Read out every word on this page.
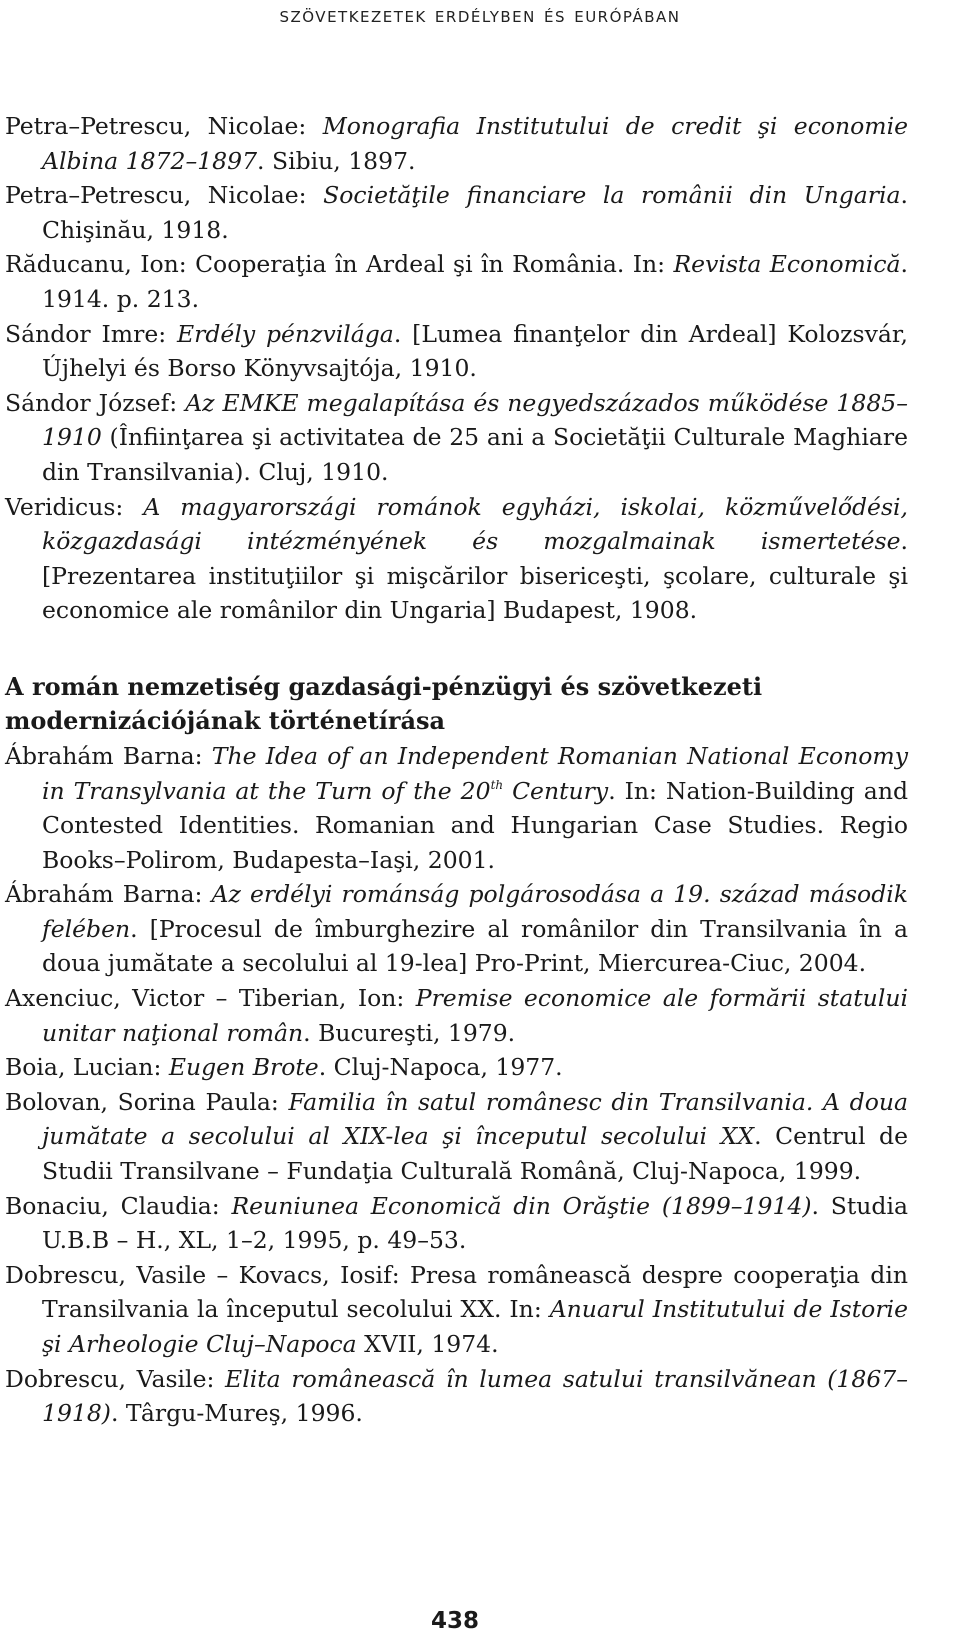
szövetkezetek erdélyben és európában

Petra–Petrescu, Nicolae: Monografia Institutului de credit şi economie Albina 1872–1897. Sibiu, 1897.

Petra–Petrescu, Nicolae: Societăţile financiare la românii din Ungaria. Chişinău, 1918.

Răducanu, Ion: Cooperaţia în Ardeal şi în România. In: Revista Economică. 1914. p. 213.

Sándor Imre: Erdély pénzvilága. [Lumea finanţelor din Ardeal] Kolozsvár, Újhelyi és Borso Könyvsajtója, 1910.

Sándor József: Az EMKE megalapítása és negyedszázados működése 1885–1910 (Înfiinţarea şi activitatea de 25 ani a Societăţii Culturale Maghiare din Transilvania). Cluj, 1910.

Veridicus: A magyarországi románok egyházi, iskolai, közművelődési, közgazdasági intézményének és mozgalmainak ismertetése. [Prezentarea instituţiilor şi mişcărilor biserіceşti, şcolare, culturale şi economice ale românilor din Ungaria] Budapest, 1908.

A román nemzetiség gazdasági-pénzügyi és szövetkezeti modernizációjának történetírása

Ábrahám Barna: The Idea of an Independent Romanian National Economy in Transylvania at the Turn of the 20th Century. In: Nation-Building and Contested Identities. Romanian and Hungarian Case Studies. Regio Books–Polirom, Budapesta–Iaşi, 2001.

Ábrahám Barna: Az erdélyi románság polgárosodása a 19. század második felében. [Procesul de îmburghezire al românilor din Transilvania în a doua jumătate a secolului al 19-lea] Pro-Print, Miercurea-Ciuc, 2004.

Axenciuc, Victor – Tiberian, Ion: Premise economice ale formării statului unitar naţional român. Bucureşti, 1979.

Boia, Lucian: Eugen Brote. Cluj-Napoca, 1977.

Bolovan, Sorina Paula: Familia în satul românesc din Transilvania. A doua jumătate a secolului al XIX-lea şi începutul secolului XX. Centrul de Studii Transilvane – Fundaţia Culturală Română, Cluj-Napoca, 1999.

Bonaciu, Claudia: Reuniunea Economică din Orăştie (1899–1914). Studia U.B.B – H., XL, 1–2, 1995, p. 49–53.

Dobrescu, Vasile – Kovacs, Iosif: Presa românească despre cooperaţia din Transilvania la începutul secolului XX. In: Anuarul Institutului de Istorie şi Arheologie Cluj–Napoca XVII, 1974.

Dobrescu, Vasile: Elita românească în lumea satului transilvănean (1867–1918). Târgu-Mureş, 1996.

438
